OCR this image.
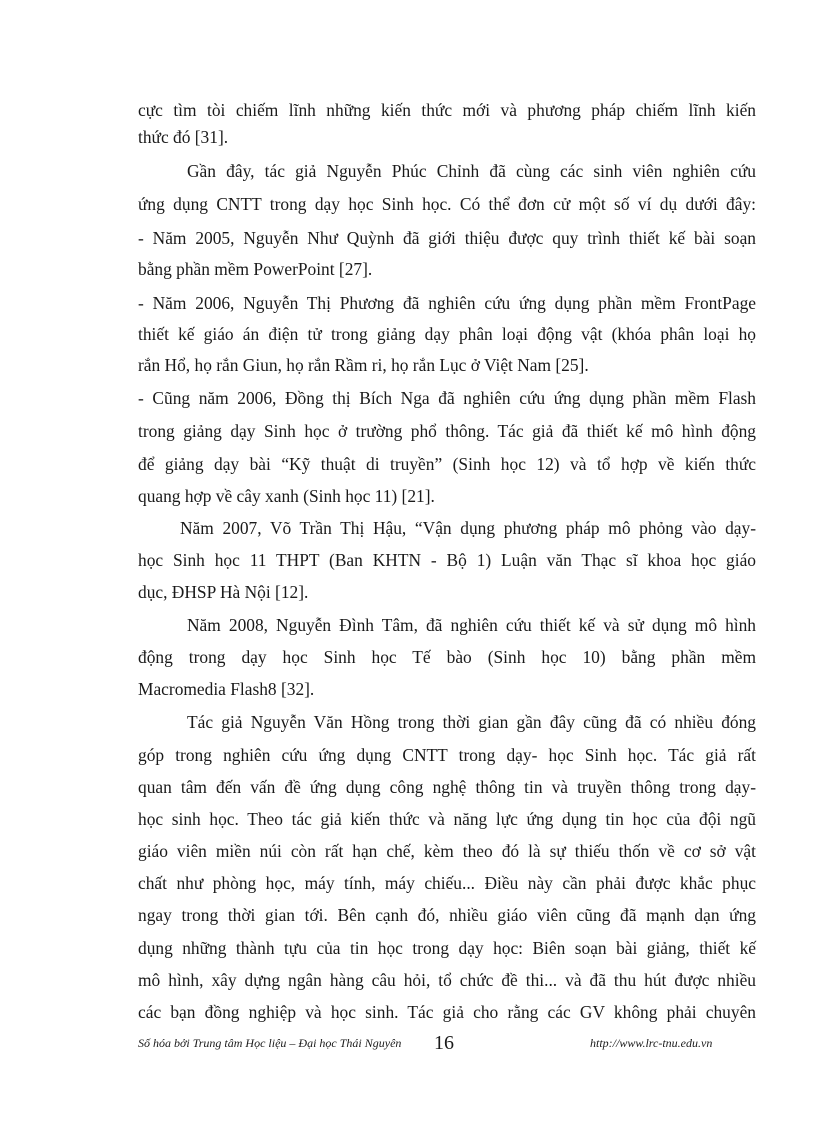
cực tìm tòi chiếm lĩnh những kiến thức mới và phương pháp chiếm lĩnh kiến
thức đó [31].
Gần đây, tác giả Nguyễn Phúc Chỉnh đã cùng các sinh viên nghiên cứu
ứng dụng CNTT trong dạy học Sinh học. Có thể đơn cử một số ví dụ dưới đây:
- Năm 2005, Nguyễn Như Quỳnh đã giới thiệu được quy trình thiết kế bài soạn
bằng phần mềm PowerPoint [27].
- Năm 2006, Nguyễn Thị Phương đã nghiên cứu ứng dụng phần mềm FrontPage
thiết kế giáo án điện tử trong giảng dạy phân loại động vật (khóa phân loại họ
rắn Hổ, họ rắn Giun, họ rắn Rầm ri, họ rắn Lục ở Việt Nam [25].
- Cũng năm 2006, Đồng thị Bích Nga đã nghiên cứu ứng dụng phần mềm Flash
trong giảng dạy Sinh học ở trường phổ thông. Tác giả đã thiết kế mô hình động
để giảng dạy bài “Kỹ thuật di truyền” (Sinh học 12) và tổ hợp về kiến thức
quang hợp về cây xanh (Sinh học 11) [21].
Năm 2007, Võ Trần Thị Hậu, “Vận dụng phương pháp mô phỏng vào dạy-
học Sinh học 11 THPT (Ban KHTN - Bộ 1) Luận văn Thạc sĩ khoa học giáo
dục, ĐHSP Hà Nội [12].
Năm 2008, Nguyễn Đình Tâm, đã nghiên cứu thiết kế và sử dụng mô hình
động trong dạy học Sinh học Tế bào (Sinh học 10) bằng phần mềm
Macromedia Flash8 [32].
Tác giả Nguyễn Văn Hồng trong thời gian gần đây cũng đã có nhiều đóng
góp trong nghiên cứu ứng dụng CNTT trong dạy- học Sinh học. Tác giả rất
quan tâm đến vấn đề ứng dụng công nghệ thông tin và truyền thông trong dạy-
học sinh học. Theo tác giả kiến thức và năng lực ứng dụng tin học của đội ngũ
giáo viên miền núi còn rất hạn chế, kèm theo đó là sự thiếu thốn về cơ sở vật
chất như phòng học, máy tính, máy chiếu... Điều này cần phải được khắc phục
ngay trong thời gian tới. Bên cạnh đó, nhiều giáo viên cũng đã mạnh dạn ứng
dụng những thành tựu của tin học trong dạy học: Biên soạn bài giảng, thiết kế
mô hình, xây dựng ngân hàng câu hỏi, tổ chức đề thi... và đã thu hút được nhiều
các bạn đồng nghiệp và học sinh. Tác giả cho rằng các GV không phải chuyên
Số hóa bởi Trung tâm Học liệu – Đại học Thái Nguyên 16	http://www.lrc-tnu.edu.vn
